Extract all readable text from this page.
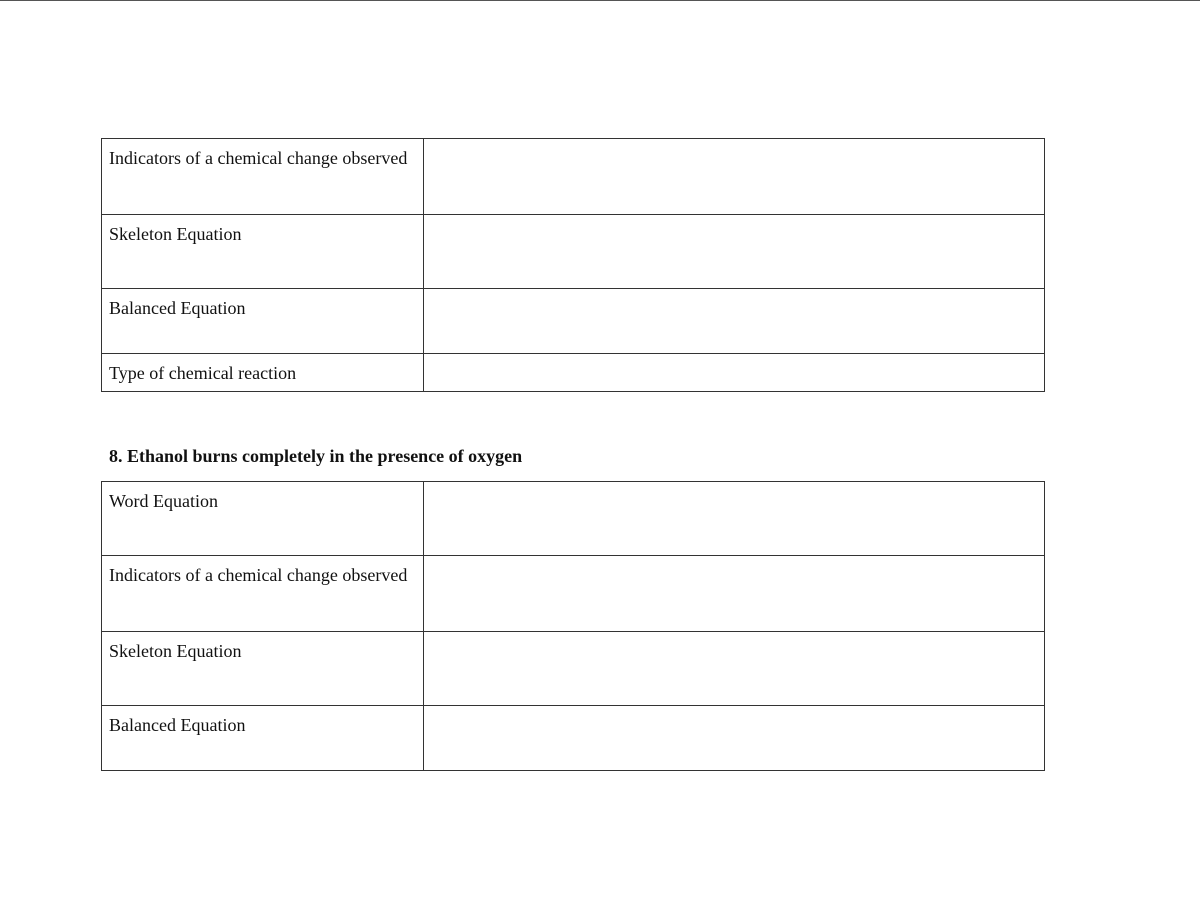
Indicators of a chemical change observed	
Skeleton Equation	
Balanced Equation	
Type of chemical reaction	

8. Ethanol burns completely in the presence of oxygen

Word Equation	
Indicators of a chemical change observed	
Skeleton Equation	
Balanced Equation	
